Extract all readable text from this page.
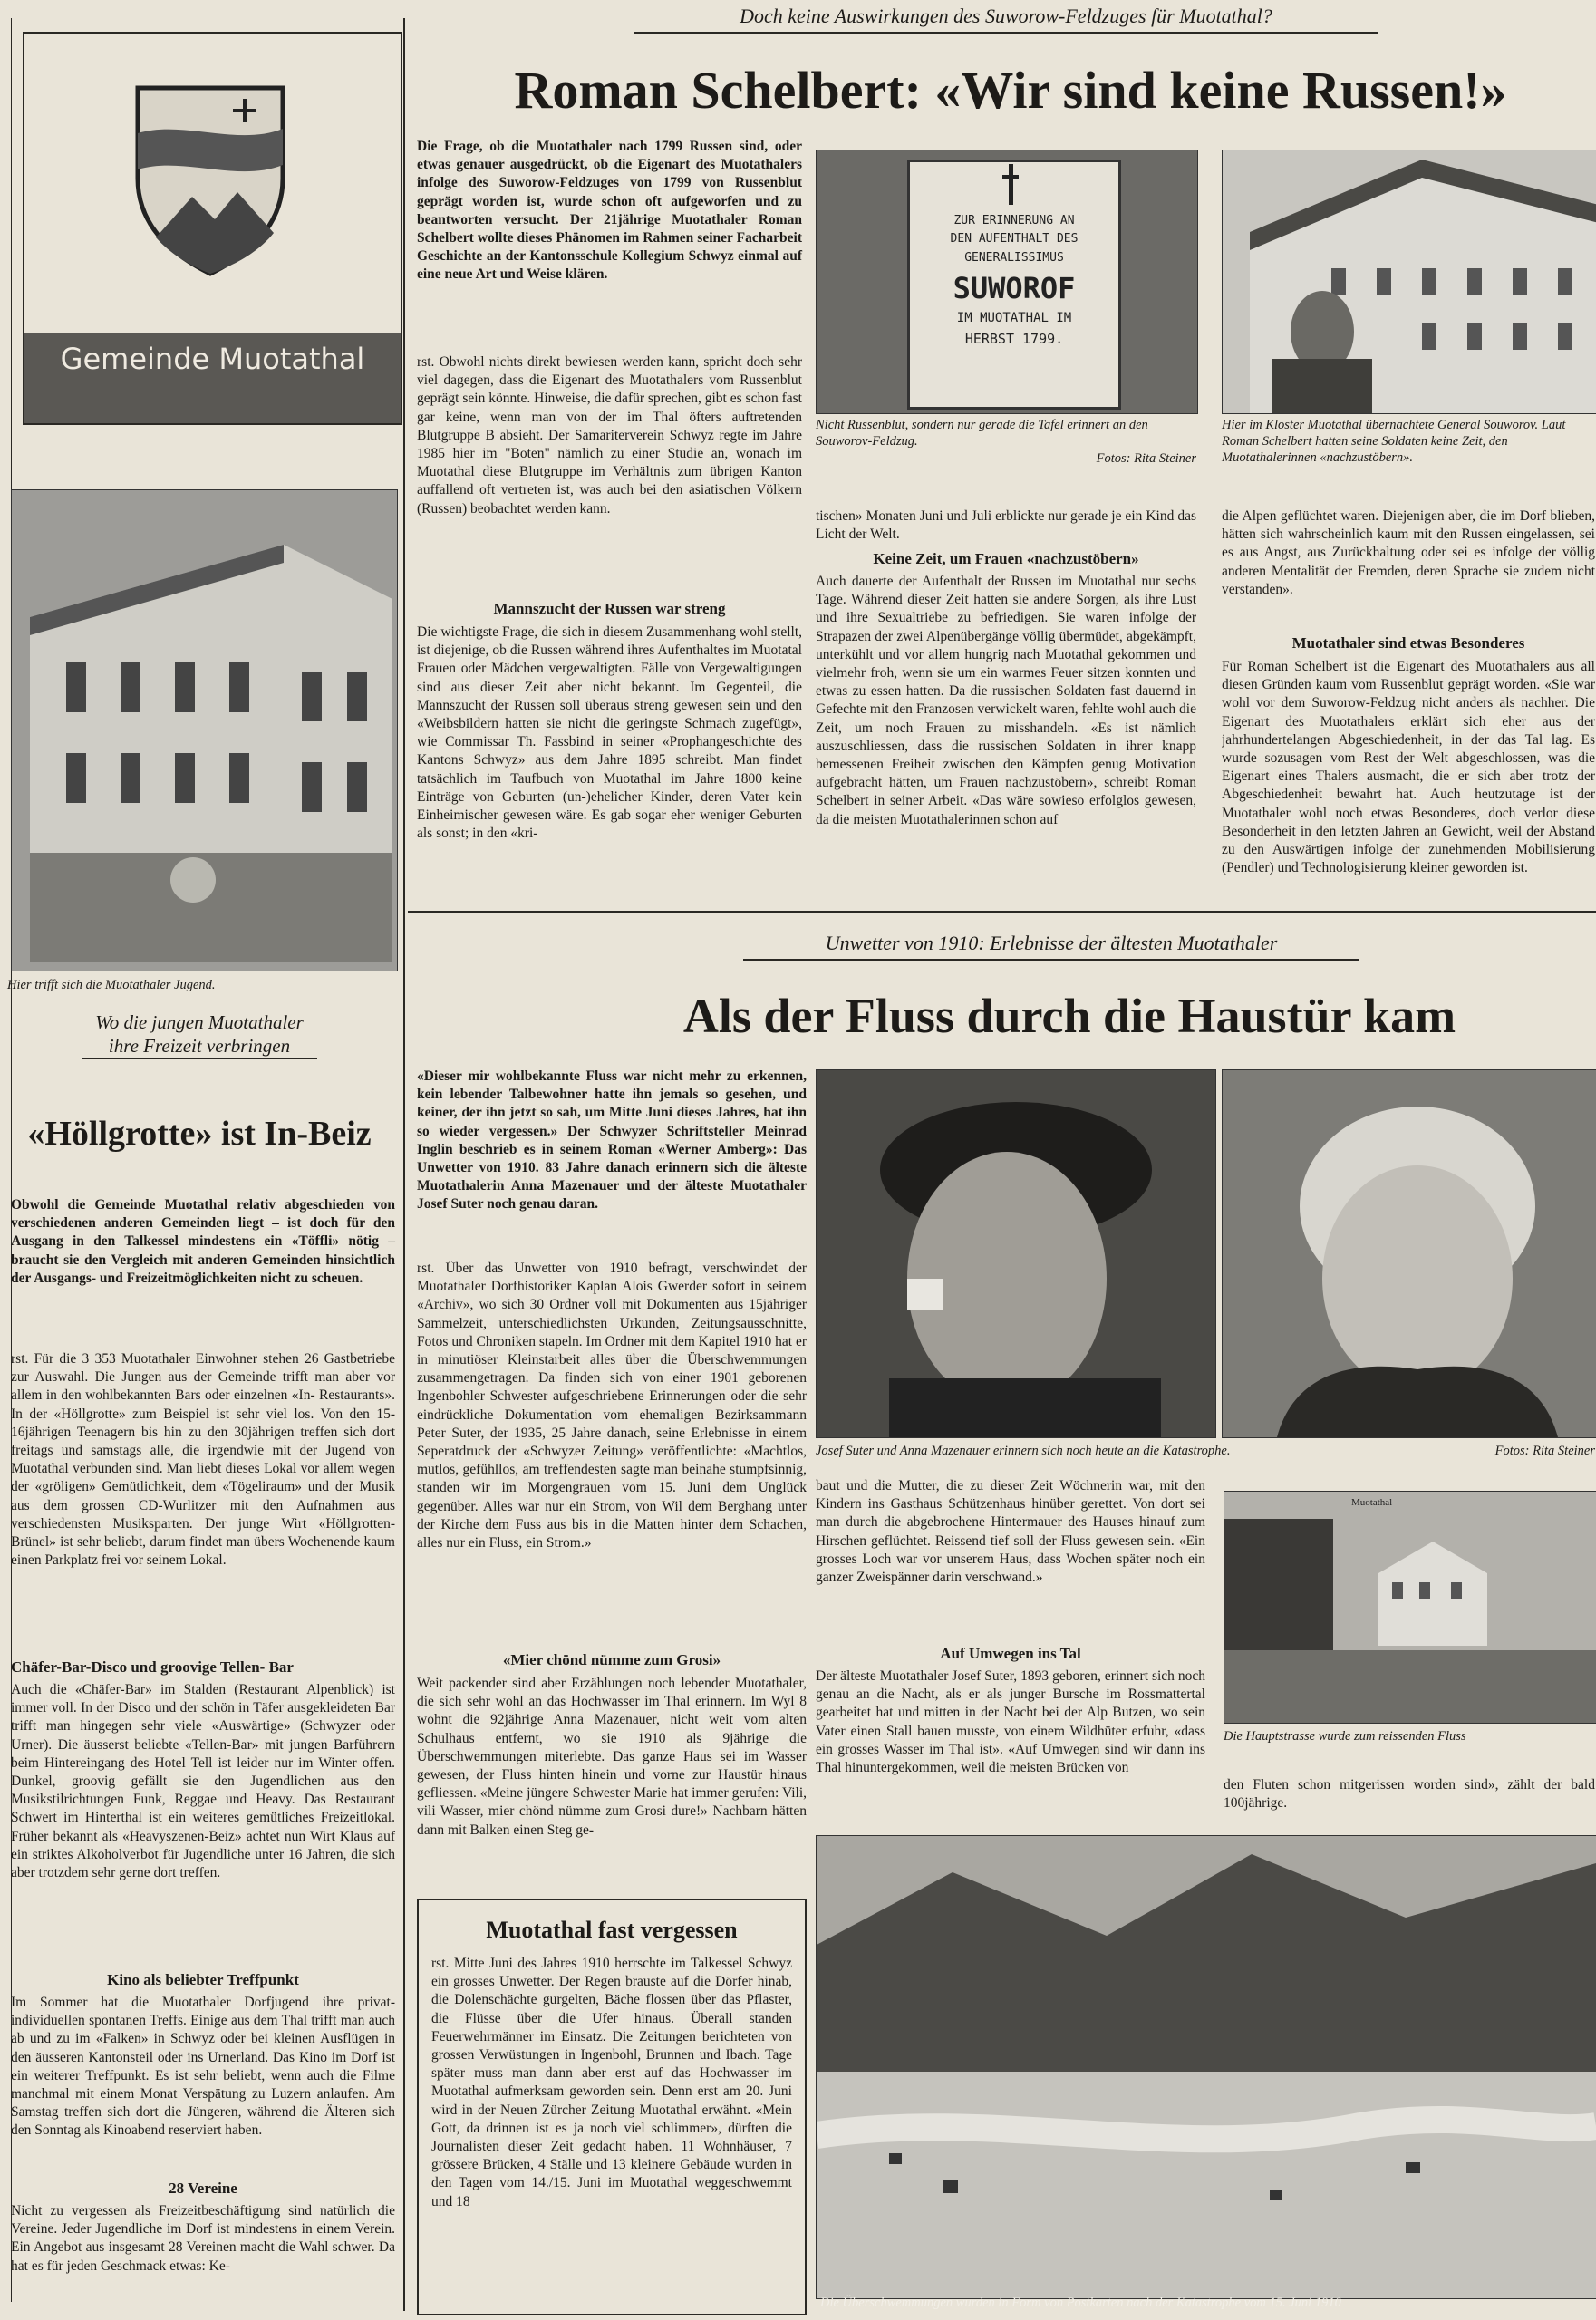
Gemeinde Muotathal
Hier trifft sich die Muotathaler Jugend.
Wo die jungen Muotathaler ihre Freizeit verbringen
«Höllgrotte» ist In-Beiz
Obwohl die Gemeinde Muotathal relativ abgeschieden von verschiedenen anderen Gemeinden liegt – ist doch für den Ausgang in den Talkessel mindestens ein «Töffli» nötig – braucht sie den Vergleich mit anderen Gemeinden hinsichtlich der Ausgangs- und Freizeitmöglichkeiten nicht zu scheuen.
rst. Für die 3 353 Muotathaler Einwohner stehen 26 Gastbetriebe zur Auswahl. Die Jungen aus der Gemeinde trifft man aber vor allem in den wohlbekannten Bars oder einzelnen «In- Restaurants». In der «Höllgrotte» zum Beispiel ist sehr viel los. Von den 15-16jährigen Teenagern bis hin zu den 30jährigen treffen sich dort freitags und samstags alle, die irgendwie mit der Jugend von Muotathal verbunden sind. Man liebt dieses Lokal vor allem wegen der «gröligen» Gemütlichkeit, dem «Tögeliraum» und der Musik aus dem grossen CD-Wurlitzer mit den Aufnahmen aus verschiedensten Musiksparten. Der junge Wirt «Höllgrotten-Brünel» ist sehr beliebt, darum findet man übers Wochenende kaum einen Parkplatz frei vor seinem Lokal.
Chäfer-Bar-Disco und groovige Tellen- Bar
Auch die «Chäfer-Bar» im Stalden (Restaurant Alpenblick) ist immer voll. In der Disco und der schön in Täfer ausgekleideten Bar trifft man hingegen sehr viele «Auswärtige» (Schwyzer oder Urner). Die äusserst beliebte «Tellen-Bar» mit jungen Barführern beim Hintereingang des Hotel Tell ist leider nur im Winter offen. Dunkel, groovig gefällt sie den Jugendlichen aus den Musikstilrichtungen Funk, Reggae und Heavy. Das Restaurant Schwert im Hinterthal ist ein weiteres gemütliches Freizeitlokal. Früher bekannt als «Heavyszenen-Beiz» achtet nun Wirt Klaus auf ein striktes Alkoholverbot für Jugendliche unter 16 Jahren, die sich aber trotzdem sehr gerne dort treffen.
Kino als beliebter Treffpunkt
Im Sommer hat die Muotathaler Dorfjugend ihre privat- individuellen spontanen Treffs. Einige aus dem Thal trifft man auch ab und zu im «Falken» in Schwyz oder bei kleinen Ausflügen in den äusseren Kantonsteil oder ins Urnerland. Das Kino im Dorf ist ein weiterer Treffpunkt. Es ist sehr beliebt, wenn auch die Filme manchmal mit einem Monat Verspätung zu Luzern anlaufen. Am Samstag treffen sich dort die Jüngeren, während die Älteren sich den Sonntag als Kinoabend reserviert haben.
28 Vereine
Nicht zu vergessen als Freizeitbeschäftigung sind natürlich die Vereine. Jeder Jugendliche im Dorf ist mindestens in einem Verein. Ein Angebot aus insgesamt 28 Vereinen macht die Wahl schwer. Da hat es für jeden Geschmack etwas: Ke-
Doch keine Auswirkungen des Suworow-Feldzuges für Muotathal?
Roman Schelbert: «Wir sind keine Russen!»
Die Frage, ob die Muotathaler nach 1799 Russen sind, oder etwas genauer ausgedrückt, ob die Eigenart des Muotathalers infolge des Suworow-Feldzuges von 1799 von Russenblut geprägt worden ist, wurde schon oft aufgeworfen und zu beantworten versucht. Der 21jährige Muotathaler Roman Schelbert wollte dieses Phänomen im Rahmen seiner Facharbeit Geschichte an der Kantonsschule Kollegium Schwyz einmal auf eine neue Art und Weise klären.
rst. Obwohl nichts direkt bewiesen werden kann, spricht doch sehr viel dagegen, dass die Eigenart des Muotathalers vom Russenblut geprägt sein könnte. Hinweise, die dafür sprechen, gibt es schon fast gar keine, wenn man von der im Thal öfters auftretenden Blutgruppe B absieht. Der Samariterverein Schwyz regte im Jahre 1985 hier im "Boten" nämlich zu einer Studie an, wonach im Muotathal diese Blutgruppe im Verhältnis zum übrigen Kanton auffallend oft vertreten ist, was auch bei den asiatischen Völkern (Russen) beobachtet werden kann.
Mannszucht der Russen war streng
Die wichtigste Frage, die sich in diesem Zusammenhang wohl stellt, ist diejenige, ob die Russen während ihres Aufenthaltes im Muotatal Frauen oder Mädchen vergewaltigten. Fälle von Vergewaltigungen sind aus dieser Zeit aber nicht bekannt. Im Gegenteil, die Mannszucht der Russen soll überaus streng gewesen sein und den «Weibsbildern hatten sie nicht die geringste Schmach zugefügt», wie Commissar Th. Fassbind in seiner «Prophangeschichte des Kantons Schwyz» aus dem Jahre 1895 schreibt. Man findet tatsächlich im Taufbuch von Muotathal im Jahre 1800 keine Einträge von Geburten (un-)ehelicher Kinder, deren Vater kein Einheimischer gewesen wäre. Es gab sogar eher weniger Geburten als sonst; in den «kri-
ZUR ERINNERUNG AN
DEN AUFENTHALT DES
GENERALISSIMUS
SUWOROF
IM MUOTATHAL IM
HERBST 1799.
Nicht Russenblut, sondern nur gerade die Tafel erinnert an den Souworov-Feldzug.
Fotos: Rita Steiner
Hier im Kloster Muotathal übernachtete General Souworov. Laut Roman Schelbert hatten seine Soldaten keine Zeit, den Muotathalerinnen «nachzustöbern».
tischen» Monaten Juni und Juli erblickte nur gerade je ein Kind das Licht der Welt.
Keine Zeit, um Frauen «nachzustöbern»
Auch dauerte der Aufenthalt der Russen im Muotathal nur sechs Tage. Während dieser Zeit hatten sie andere Sorgen, als ihre Lust und ihre Sexualtriebe zu befriedigen. Sie waren infolge der Strapazen der zwei Alpenübergänge völlig übermüdet, abgekämpft, unterkühlt und vor allem hungrig nach Muotathal gekommen und vielmehr froh, wenn sie um ein warmes Feuer sitzen konnten und etwas zu essen hatten. Da die russischen Soldaten fast dauernd in Gefechte mit den Franzosen verwickelt waren, fehlte wohl auch die Zeit, um noch Frauen zu misshandeln. «Es ist nämlich auszuschliessen, dass die russischen Soldaten in ihrer knapp bemessenen Freiheit zwischen den Kämpfen genug Motivation aufgebracht hätten, um Frauen nachzustöbern», schreibt Roman Schelbert in seiner Arbeit. «Das wäre sowieso erfolglos gewesen, da die meisten Muotathalerinnen schon auf
die Alpen geflüchtet waren. Diejenigen aber, die im Dorf blieben, hätten sich wahrscheinlich kaum mit den Russen eingelassen, sei es aus Angst, aus Zurückhaltung oder sei es infolge der völlig anderen Mentalität der Fremden, deren Sprache sie zudem nicht verstanden».
Muotathaler sind etwas Besonderes
Für Roman Schelbert ist die Eigenart des Muotathalers aus all diesen Gründen kaum vom Russenblut geprägt worden. «Sie war wohl vor dem Suworow-Feldzug nicht anders als nachher. Die Eigenart des Muotathalers erklärt sich eher aus der jahrhundertelangen Abgeschiedenheit, in der das Tal lag. Es wurde sozusagen vom Rest der Welt abgeschlossen, was die Eigenart eines Thalers ausmacht, die er sich aber trotz der Abgeschiedenheit bewahrt hat. Auch heutzutage ist der Muotathaler wohl noch etwas Besonderes, doch verlor diese Besonderheit in den letzten Jahren an Gewicht, weil der Abstand zu den Auswärtigen infolge der zunehmenden Mobilisierung (Pendler) und Technologisierung kleiner geworden ist.
Unwetter von 1910: Erlebnisse der ältesten Muotathaler
Als der Fluss durch die Haustür kam
«Dieser mir wohlbekannte Fluss war nicht mehr zu erkennen, kein lebender Talbewohner hatte ihn jemals so gesehen, und keiner, der ihn jetzt so sah, um Mitte Juni dieses Jahres, hat ihn so wieder vergessen.» Der Schwyzer Schriftsteller Meinrad Inglin beschrieb es in seinem Roman «Werner Amberg»: Das Unwetter von 1910. 83 Jahre danach erinnern sich die älteste Muotathalerin Anna Mazenauer und der älteste Muotathaler Josef Suter noch genau daran.
rst. Über das Unwetter von 1910 befragt, verschwindet der Muotathaler Dorfhistoriker Kaplan Alois Gwerder sofort in seinem «Archiv», wo sich 30 Ordner voll mit Dokumenten aus 15jähriger Sammelzeit, unterschiedlichsten Urkunden, Zeitungsausschnitte, Fotos und Chroniken stapeln. Im Ordner mit dem Kapitel 1910 hat er in minutiöser Kleinstarbeit alles über die Überschwemmungen zusammengetragen. Da finden sich von einer 1901 geborenen Ingenbohler Schwester aufgeschriebene Erinnerungen oder die sehr eindrückliche Dokumentation vom ehemaligen Bezirksammann Peter Suter, der 1935, 25 Jahre danach, seine Erlebnisse in einem Seperatdruck der «Schwyzer Zeitung» veröffentlichte: «Machtlos, mutlos, gefühllos, am treffendesten sagte man beinahe stumpfsinnig, standen wir im Morgengrauen vom 15. Juni dem Unglück gegenüber. Alles war nur ein Strom, von Wil dem Berghang unter der Kirche dem Fuss aus bis in die Matten hinter dem Schachen, alles nur ein Fluss, ein Strom.»
«Mier chönd nümme zum Grosi»
Weit packender sind aber Erzählungen noch lebender Muotathaler, die sich sehr wohl an das Hochwasser im Thal erinnern. Im Wyl 8 wohnt die 92jährige Anna Mazenauer, nicht weit vom alten Schulhaus entfernt, wo sie 1910 als 9jährige die Überschwemmungen miterlebte. Das ganze Haus sei im Wasser gewesen, der Fluss hinten hinein und vorne zur Haustür hinaus gefliessen. «Meine jüngere Schwester Marie hat immer gerufen: Vili, vili Wasser, mier chönd nümme zum Grosi dure!» Nachbarn hätten dann mit Balken einen Steg ge-
Josef Suter und Anna Mazenauer erinnern sich noch heute an die Katastrophe.	Fotos: Rita Steiner
baut und die Mutter, die zu dieser Zeit Wöchnerin war, mit den Kindern ins Gasthaus Schützenhaus hinüber gerettet. Von dort sei man durch die abgebrochene Hintermauer des Hauses hinauf zum Hirschen geflüchtet. Reissend tief soll der Fluss gewesen sein. «Ein grosses Loch war vor unserem Haus, dass Wochen später noch ein ganzer Zweispänner darin verschwand.»
Auf Umwegen ins Tal
Der älteste Muotathaler Josef Suter, 1893 geboren, erinnert sich noch genau an die Nacht, als er als junger Bursche im Rossmattertal gearbeitet hat und mitten in der Nacht bei der Alp Butzen, wo sein Vater einen Stall bauen musste, von einem Wildhüter erfuhr, «dass ein grosses Wasser im Thal ist». «Auf Umwegen sind wir dann ins Thal hinuntergekommen, weil die meisten Brücken von
Muotathal
Die Hauptstrasse wurde zum reissenden Fluss
den Fluten schon mitgerissen worden sind», zählt der bald 100jährige.
Muotathal fast vergessen
rst. Mitte Juni des Jahres 1910 herrschte im Talkessel Schwyz ein grosses Unwetter. Der Regen brauste auf die Dörfer hinab, die Dolenschächte gurgelten, Bäche flossen über das Pflaster, die Flüsse über die Ufer hinaus. Überall standen Feuerwehrmänner im Einsatz. Die Zeitungen berichteten von grossen Verwüstungen in Ingenbohl, Brunnen und Ibach. Tage später muss man dann aber erst auf das Hochwasser im Muotathal aufmerksam geworden sein. Denn erst am 20. Juni wird in der Neuen Zürcher Zeitung Muotathal erwähnt. «Mein Gott, da drinnen ist es ja noch viel schlimmer», dürften die Journalisten dieser Zeit gedacht haben. 11 Wohnhäuser, 7 grössere Brücken, 4 Ställe und 13 kleinere Gebäude wurden in den Tagen vom 14./15. Juni im Muotathal weggeschwemmt und 18
Die Überschwemmungen wurden in Form von Postkarten nach der Katastrophe vom 15. Juni 1910
